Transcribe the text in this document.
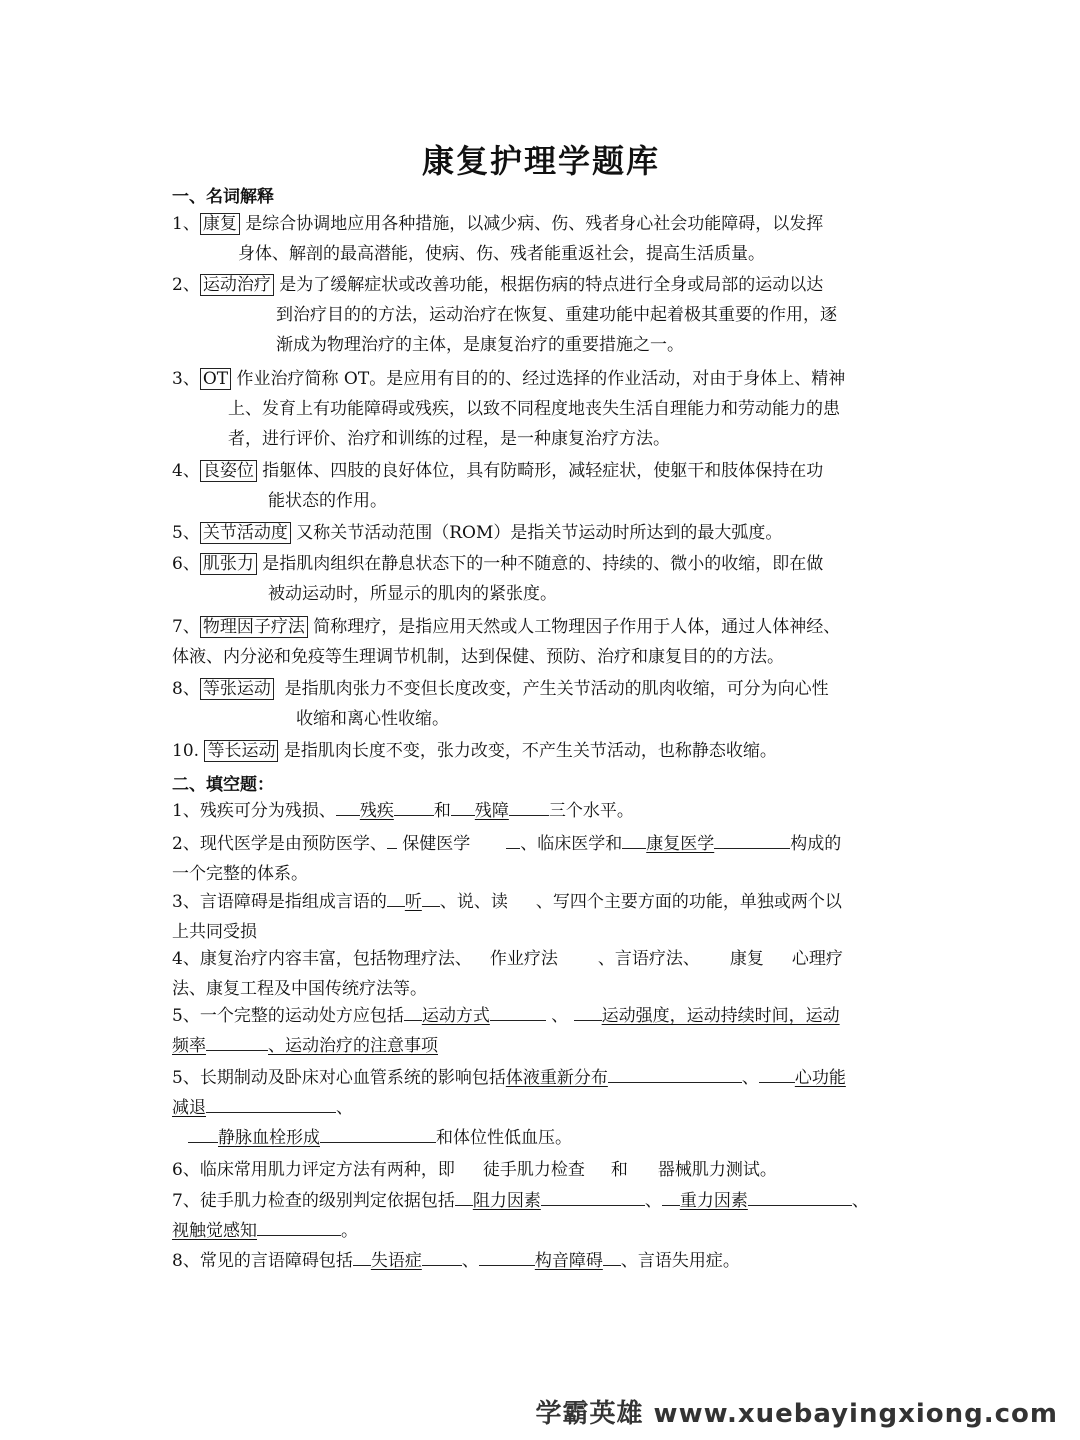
康复护理学题库
一、名词解释
1、 康复 是综合协调地应用各种措施，以减少病、伤、残者身心社会功能障碍，以发挥
身体、解剖的最高潜能，使病、伤、残者能重返社会，提高生活质量。
2、 运动治疗 是为了缓解症状或改善功能，根据伤病的特点进行全身或局部的运动以达
到治疗目的的方法，运动治疗在恢复、重建功能中起着极其重要的作用，逐
渐成为物理治疗的主体，是康复治疗的重要措施之一。
3、 OT 作业治疗简称 OT。是应用有目的的、经过选择的作业活动，对由于身体上、精神
上、发育上有功能障碍或残疾，以致不同程度地丧失生活自理能力和劳动能力的患
者，进行评价、治疗和训练的过程，是一种康复治疗方法。
4、 良姿位 指躯体、四肢的良好体位，具有防畸形，减轻症状，使躯干和肢体保持在功
能状态的作用。
5、 关节活动度 又称关节活动范围（ROM）是指关节运动时所达到的最大弧度。
6、 肌张力 是指肌肉组织在静息状态下的一种不随意的、持续的、微小的收缩，即在做
被动运动时，所显示的肌肉的紧张度。
7、 物理因子疗法 简称理疗，是指应用天然或人工物理因子作用于人体，通过人体神经、
体液、内分泌和免疫等生理调节机制，达到保健、预防、治疗和康复目的的方法。
8、 等张运动 是指肌肉张力不变但长度改变，产生关节活动的肌肉收缩，可分为向心性
收缩和离心性收缩。
10. 等长运动 是指肌肉长度不变，张力改变，不产生关节活动，也称静态收缩。
二、填空题：
1、残疾可分为残损、 残疾 和 残障 三个水平。
2、现代医学是由预防医学、 保健医学	、临床医学和 康复医学	构成的
一个完整的体系。
3、言语障碍是指组成言语的 听 、说、读 、写四个主要方面的功能，单独或两个以
上共同受损
4、康复治疗内容丰富，包括物理疗法、 作业疗法 、言语疗法、 康复 心理疗
法、康复工程及中国传统疗法等。
5、一个完整的运动处方应包括 运动方式	、 运动强度，运动持续时间，运动
频率	、运动治疗的注意事项
5、长期制动及卧床对心血管系统的影响包括体液重新分布	、 心功能
减退	、
静脉血栓形成	和体位性低血压。
6、临床常用肌力评定方法有两种，即 徒手肌力检查 和 器械肌力测试。
7、徒手肌力检查的级别判定依据包括 阻力因素	、 重力因素	、
视触觉感知	。
8、常见的言语障碍包括 失语症 、	构音障碍 、言语失用症。
学霸英雄 www.xuebayingxiong.com
